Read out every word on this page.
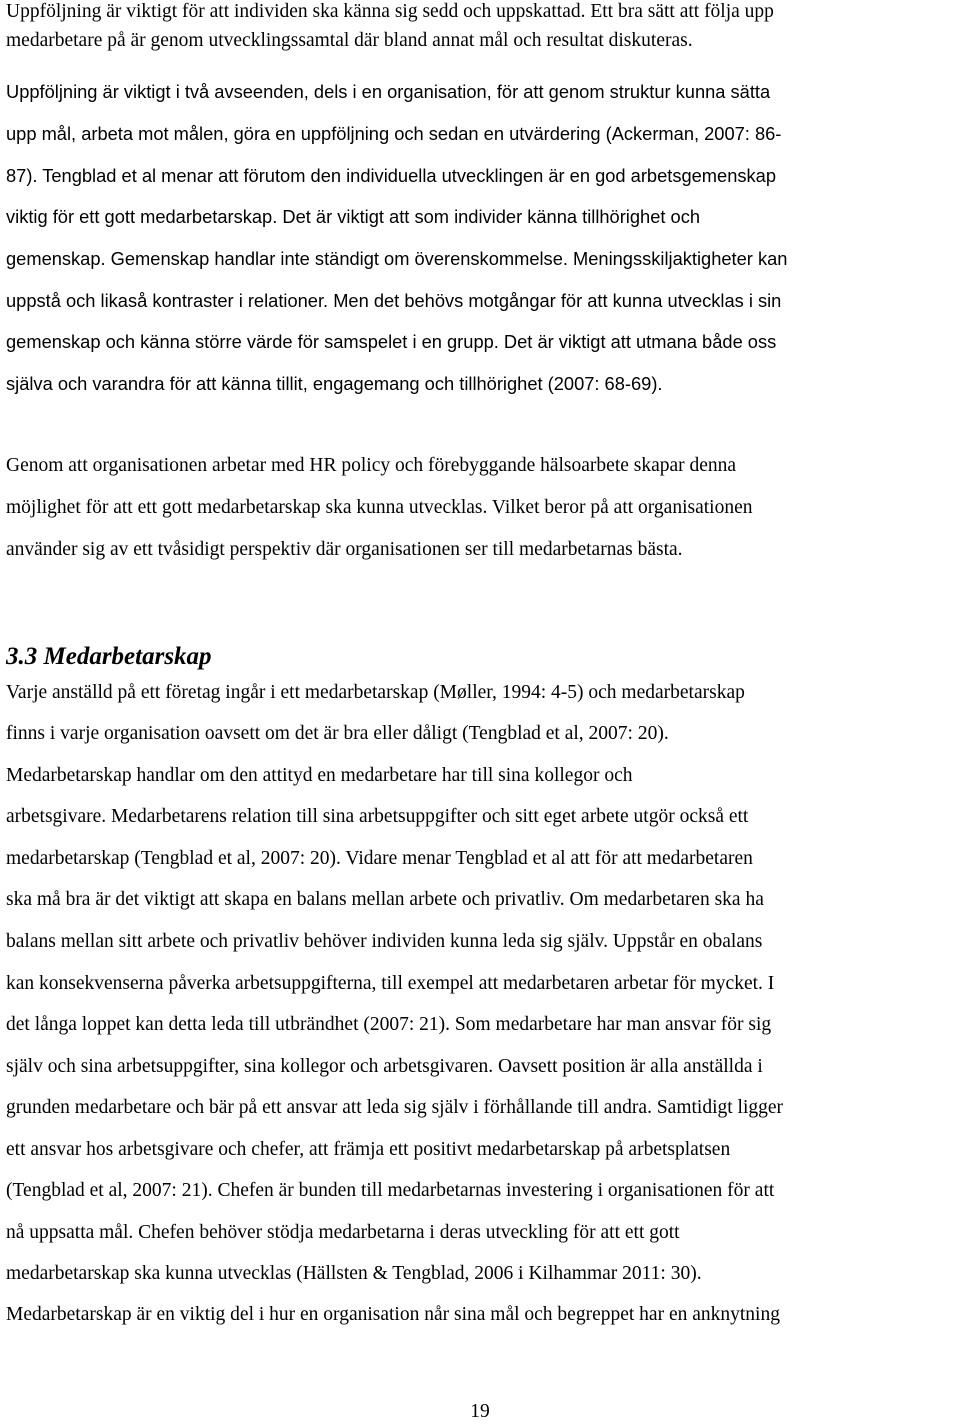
Uppföljning är viktigt för att individen ska känna sig sedd och uppskattad. Ett bra sätt att följa upp
medarbetare på är genom utvecklingssamtal där bland annat mål och resultat diskuteras.
Uppföljning är viktigt i två avseenden, dels i en organisation, för att genom struktur kunna sätta
upp mål, arbeta mot målen, göra en uppföljning och sedan en utvärdering (Ackerman, 2007: 86-
87). Tengblad et al menar att förutom den individuella utvecklingen är en god arbetsgemenskap
viktig för ett gott medarbetarskap. Det är viktigt att som individer känna tillhörighet och
gemenskap. Gemenskap handlar inte ständigt om överenskommelse. Meningsskiljaktigheter kan
uppstå och likaså kontraster i relationer. Men det behövs motgångar för att kunna utvecklas i sin
gemenskap och känna större värde för samspelet i en grupp. Det är viktigt att utmana både oss
själva och varandra för att känna tillit, engagemang och tillhörighet (2007: 68-69).
Genom att organisationen arbetar med HR policy och förebyggande hälsoarbete skapar denna
möjlighet för att ett gott medarbetarskap ska kunna utvecklas. Vilket beror på att organisationen
använder sig av ett tvåsidigt perspektiv där organisationen ser till medarbetarnas bästa.
3.3 Medarbetarskap
Varje anställd på ett företag ingår i ett medarbetarskap (Møller, 1994: 4-5) och medarbetarskap
finns i varje organisation oavsett om det är bra eller dåligt (Tengblad et al, 2007: 20).
Medarbetarskap handlar om den attityd en medarbetare har till sina kollegor och
arbetsgivare. Medarbetarens relation till sina arbetsuppgifter och sitt eget arbete utgör också ett
medarbetarskap (Tengblad et al, 2007: 20). Vidare menar Tengblad et al att för att medarbetaren
ska må bra är det viktigt att skapa en balans mellan arbete och privatliv. Om medarbetaren ska ha
balans mellan sitt arbete och privatliv behöver individen kunna leda sig själv. Uppstår en obalans
kan konsekvenserna påverka arbetsuppgifterna, till exempel att medarbetaren arbetar för mycket. I
det långa loppet kan detta leda till utbrändhet (2007: 21). Som medarbetare har man ansvar för sig
själv och sina arbetsuppgifter, sina kollegor och arbetsgivaren. Oavsett position är alla anställda i
grunden medarbetare och bär på ett ansvar att leda sig själv i förhållande till andra. Samtidigt ligger
ett ansvar hos arbetsgivare och chefer, att främja ett positivt medarbetarskap på arbetsplatsen
(Tengblad et al, 2007: 21). Chefen är bunden till medarbetarnas investering i organisationen för att
nå uppsatta mål. Chefen behöver stödja medarbetarna i deras utveckling för att ett gott
medarbetarskap ska kunna utvecklas (Hällsten & Tengblad, 2006 i Kilhammar 2011: 30).
Medarbetarskap är en viktig del i hur en organisation når sina mål och begreppet har en anknytning
19
